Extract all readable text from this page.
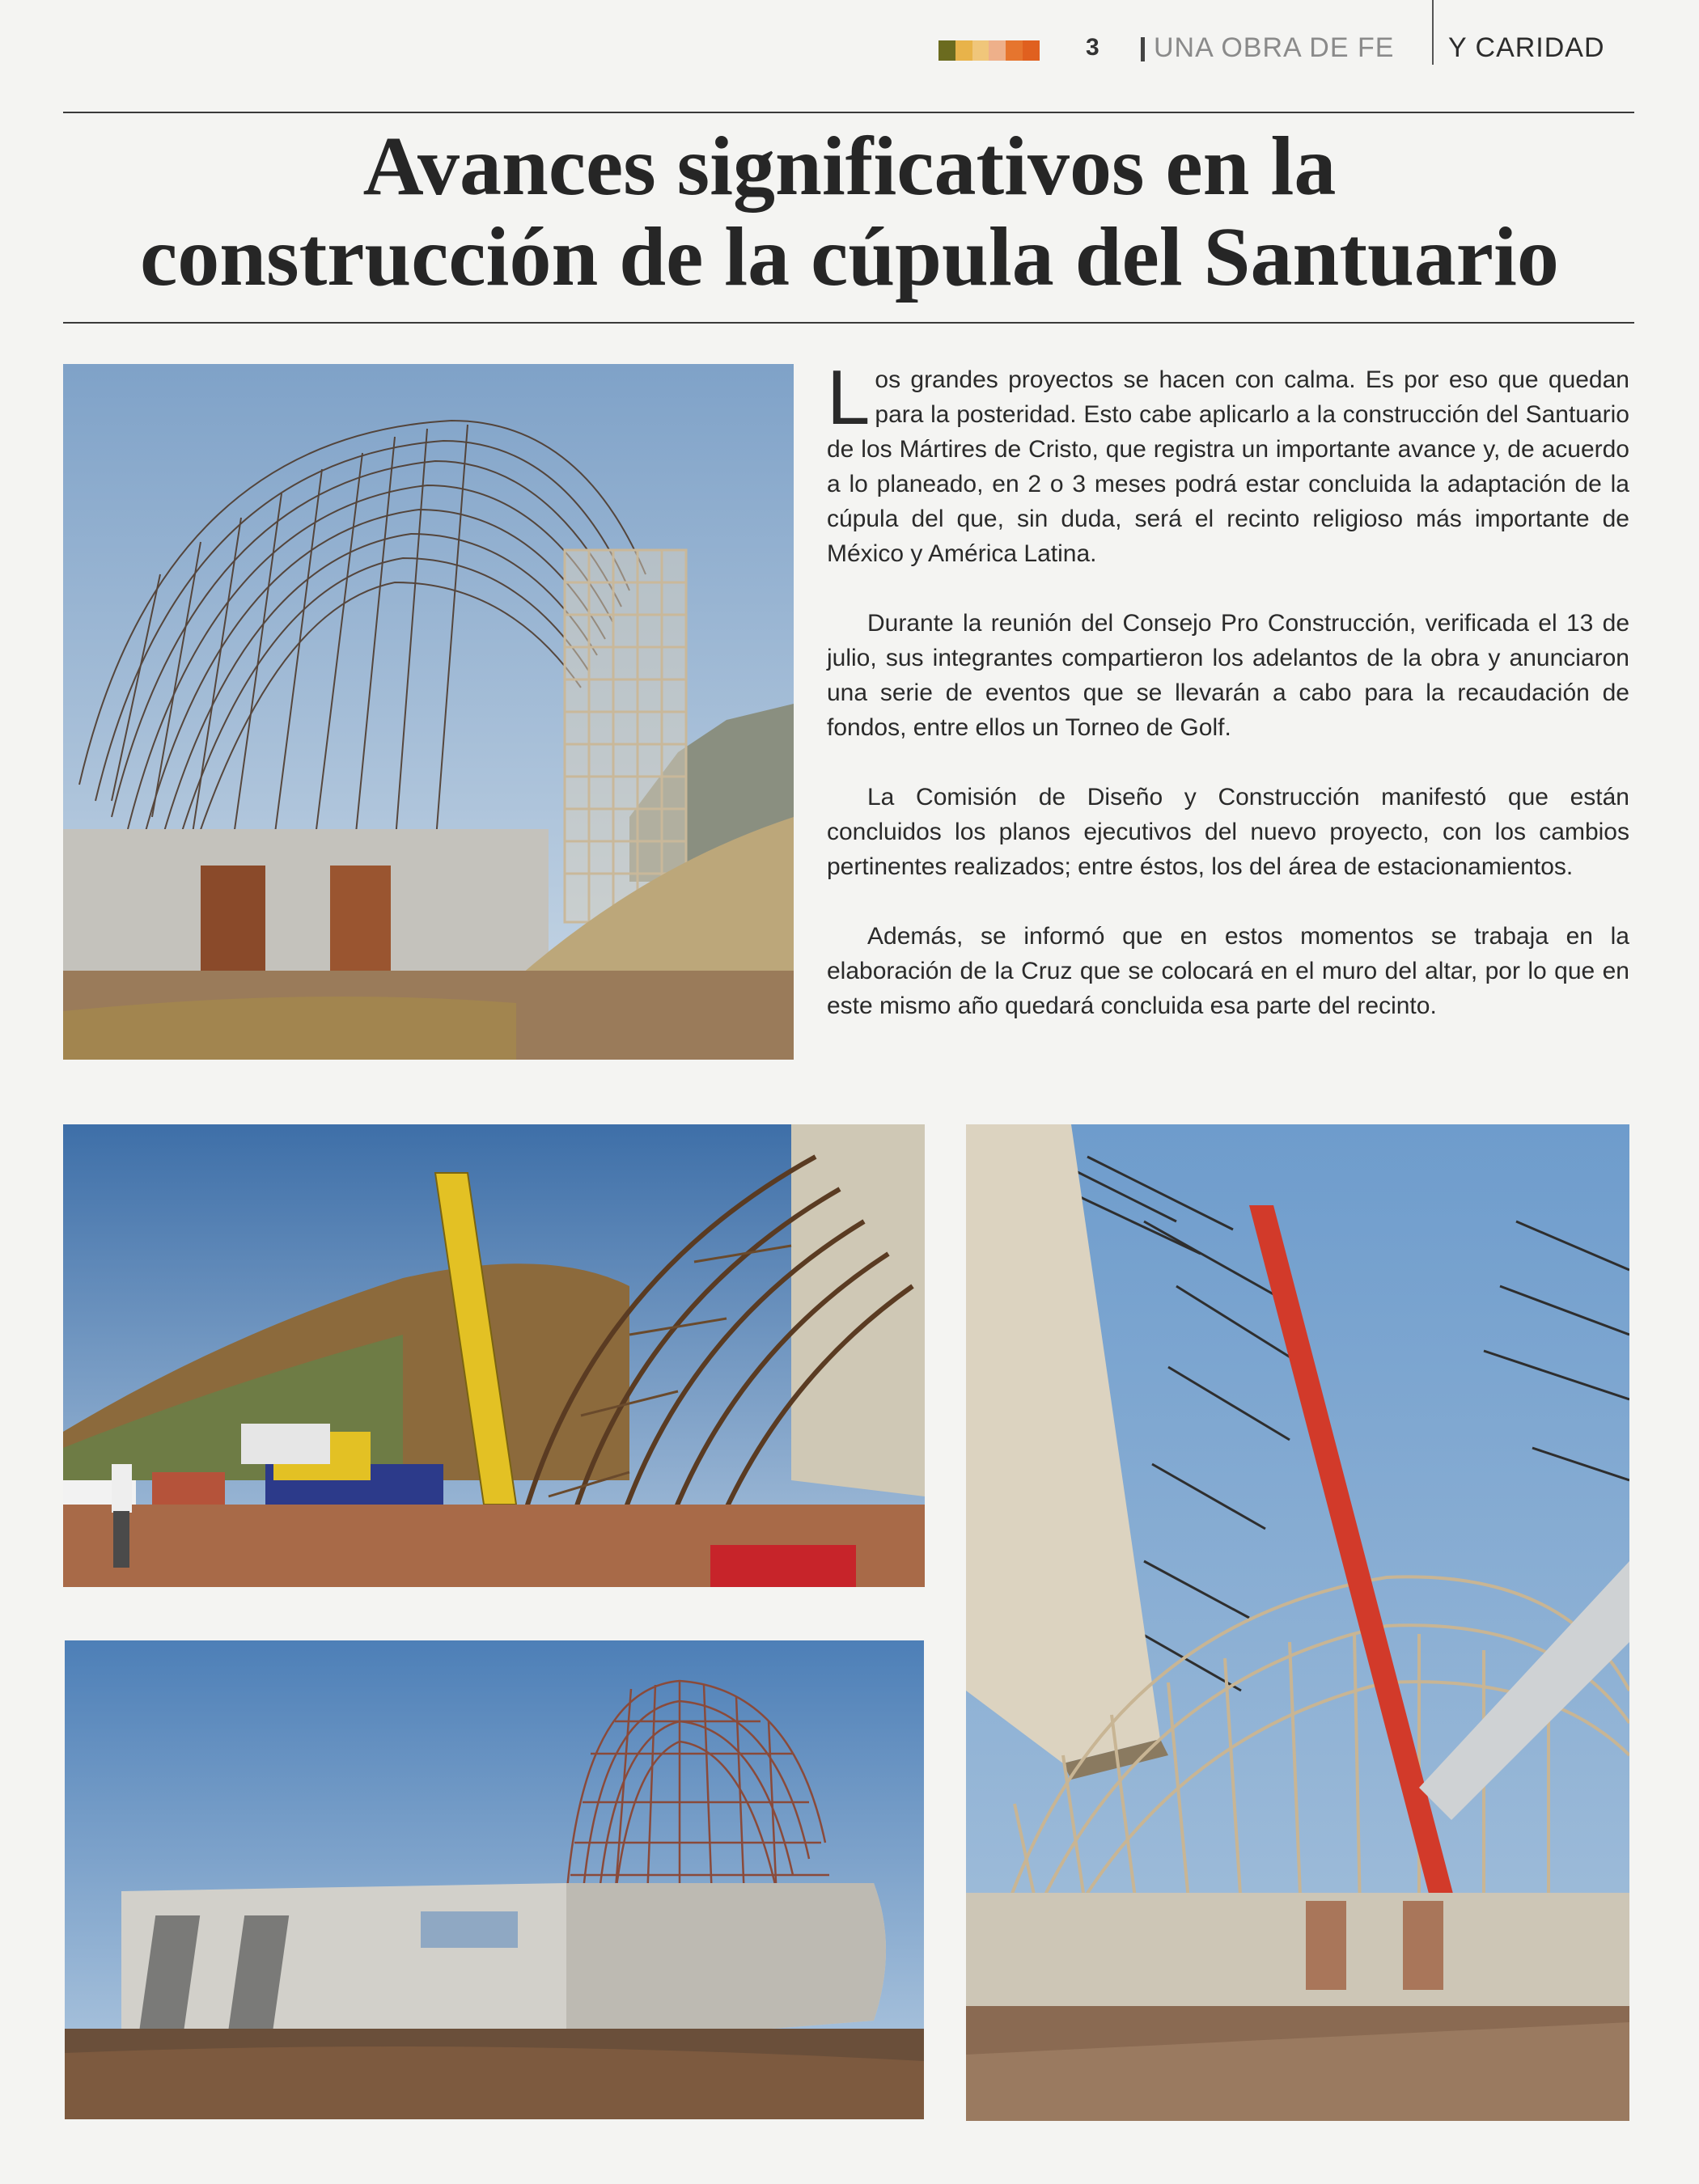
3 UNA OBRA DE FE Y CARIDAD
Avances significativos en la
construcción de la cúpula del Santuario

L os grandes proyectos se hacen con calma. Es por eso que quedan para la posteridad. Esto cabe aplicarlo a la construcción del Santuario de los Mártires de Cristo, que registra un importante avance y, de acuerdo a lo planeado, en 2 o 3 meses podrá estar concluida la adaptación de la cúpula del que, sin duda, será el recinto religioso más importante de México y América Latina.

Durante la reunión del Consejo Pro Construcción, verificada el 13 de julio, sus integrantes compartieron los adelantos de la obra y anunciaron una serie de eventos que se llevarán a cabo para la recaudación de fondos, entre ellos un Torneo de Golf.

La Comisión de Diseño y Construcción manifestó que están concluidos los planos ejecutivos del nuevo proyecto, con los cambios pertinentes realizados; entre éstos, los del área de estacionamientos.

Además, se informó que en estos momentos se trabaja en la elaboración de la Cruz que se colocará en el muro del altar, por lo que en este mismo año quedará concluida esa parte del recinto.
